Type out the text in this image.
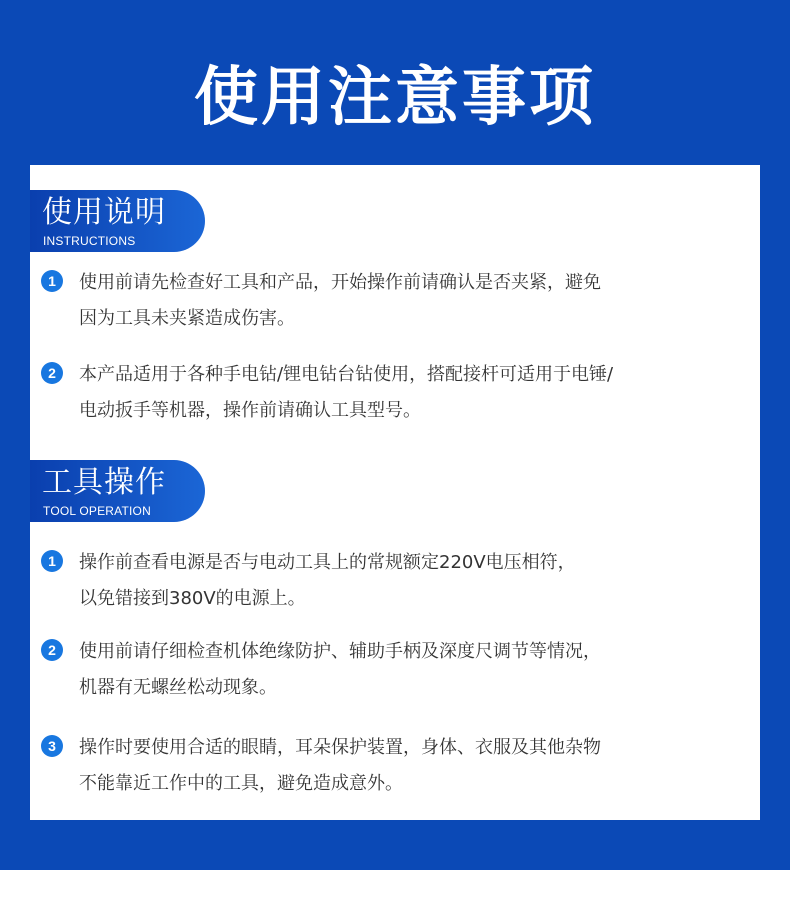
使用注意事项
使用说明
INSTRUCTIONS
1	使用前请先检查好工具和产品，开始操作前请确认是否夹紧，避免
因为工具未夹紧造成伤害。
2	本产品适用于各种手电钻/锂电钻台钻使用，搭配接杆可适用于电锤/
电动扳手等机器，操作前请确认工具型号。
工具操作
TOOL OPERATION
1	操作前查看电源是否与电动工具上的常规额定220V电压相符，
以免错接到380V的电源上。
2	使用前请仔细检查机体绝缘防护、辅助手柄及深度尺调节等情况，
机器有无螺丝松动现象。
3	操作时要使用合适的眼睛，耳朵保护装置，身体、衣服及其他杂物
不能靠近工作中的工具，避免造成意外。
